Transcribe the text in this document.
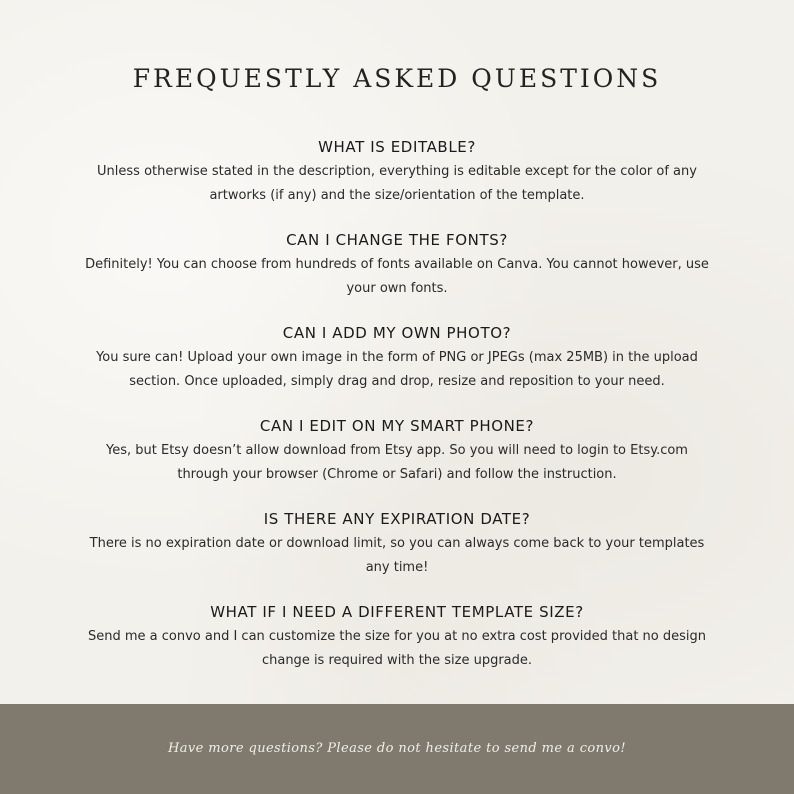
FREQUESTLY ASKED QUESTIONS
WHAT IS EDITABLE?

Unless otherwise stated in the description, everything is editable except for the color of any artworks (if any) and the size/orientation of the template.

CAN I CHANGE THE FONTS?

Definitely! You can choose from hundreds of fonts available on Canva. You cannot however, use your own fonts.

CAN I ADD MY OWN PHOTO?

You sure can! Upload your own image in the form of PNG or JPEGs (max 25MB) in the upload section. Once uploaded, simply drag and drop, resize and reposition to your need.

CAN I EDIT ON MY SMART PHONE?

Yes, but Etsy doesn’t allow download from Etsy app. So you will need to login to Etsy.com through your browser (Chrome or Safari) and follow the instruction.

IS THERE ANY EXPIRATION DATE?

There is no expiration date or download limit, so you can always come back to your templates any time!

WHAT IF I NEED A DIFFERENT TEMPLATE SIZE?

Send me a convo and I can customize the size for you at no extra cost provided that no design change is required with the size upgrade.

Have more questions? Please do not hesitate to send me a convo!
